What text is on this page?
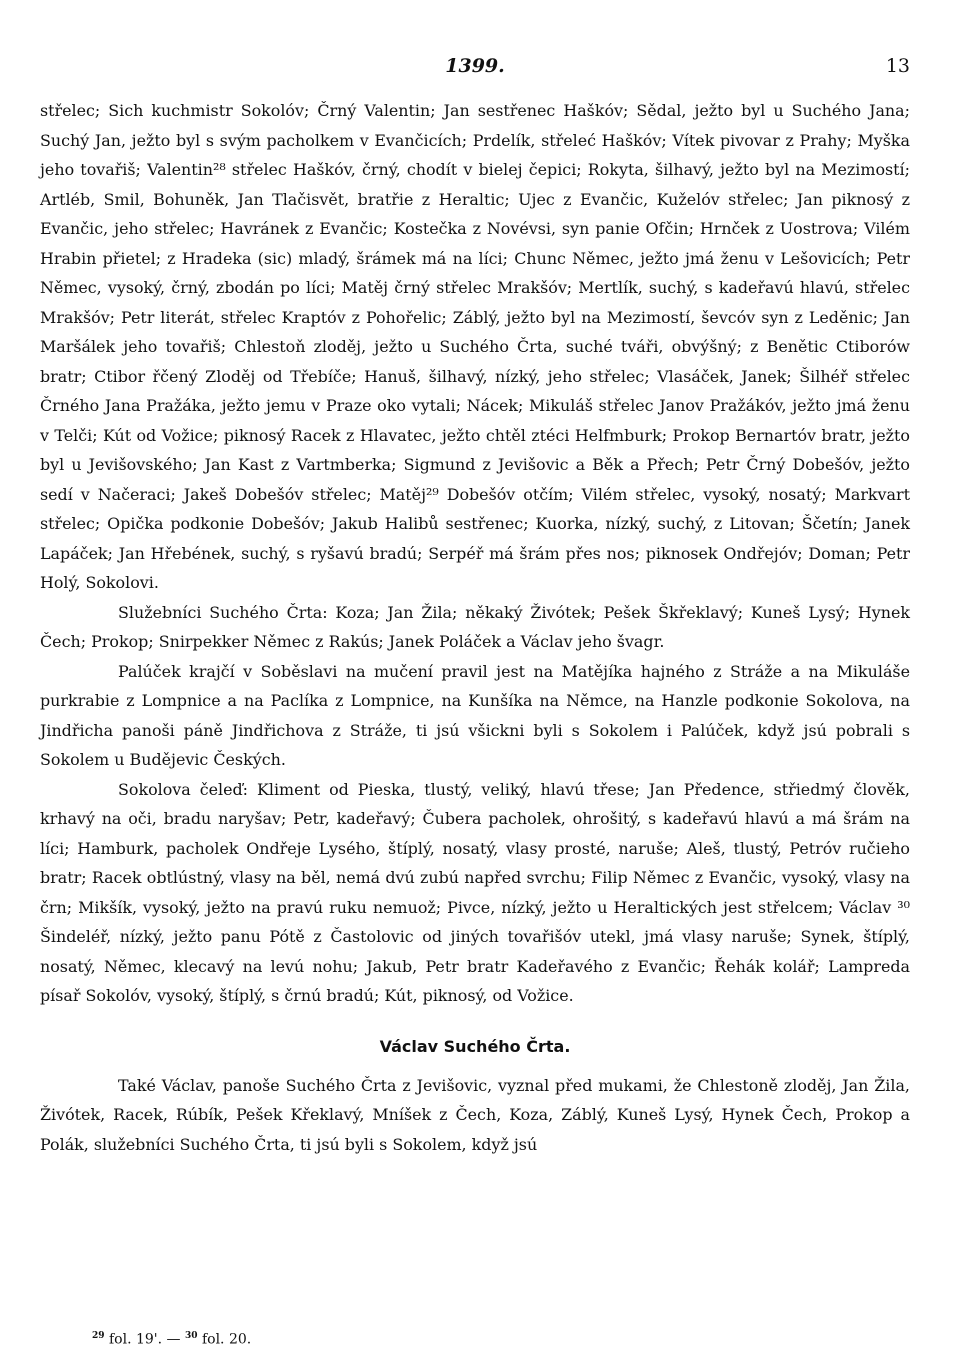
1399.	13

střelec; Sich kuchmistr Sokolóv; Črný Valentin; Jan sestřenec Haškóv; Sědal, ježto byl u Suchého Jana; Suchý Jan, ježto byl s svým pacholkem v Evančicích; Prdelík, střeleć Haškóv; Vítek pivovar z Prahy; Myška jeho tovařiš; Valentin²⁸ střelec Haškóv, črný, chodít v bielej čepici; Rokyta, šilhavý, ježto byl na Mezimostí; Artléb, Smil, Bohuněk, Jan Tlačisvět, bratřie z Heraltic; Ujec z Evančic, Kuželóv střelec; Jan piknosý z Evančic, jeho střelec; Havránek z Evančic; Kostečka z Novévsi, syn panie Ofčin; Hrnček z Uostrova; Vilém Hrabin přietel; z Hradeka (sic) mladý, šrámek má na líci; Chunc Němec, ježto jmá ženu v Lešovicích; Petr Němec, vysoký, črný, zbodán po líci; Matěj črný střelec Mrakšóv; Mertlík, suchý, s kadeřavú hlavú, střelec Mrakšóv; Petr literát, střelec Kraptóv z Pohořelic; Záblý, ježto byl na Mezimostí, ševcóv syn z Leděnic; Jan Maršálek jeho tovařiš; Chlestoň zloděj, ježto u Suchého Črta, suché tváři, obvýšný; z Benětic Ctiborów bratr; Ctibor řčený Zloděj od Třebíče; Hanuš, šilhavý, nízký, jeho střelec; Vlasáček, Janek; Šilhéř střelec Črného Jana Pražáka, ježto jemu v Praze oko vytali; Nácek; Mikuláš střelec Janov Pražákóv, ježto jmá ženu v Telči; Kút od Vožice; piknosý Racek z Hlavatec, ježto chtěl ztéci Helfmburk; Prokop Bernartóv bratr, ježto byl u Jevišovského; Jan Kast z Vartmberka; Sigmund z Jevišovic a Běk a Přech; Petr Črný Dobešóv, ježto sedí v Načeraci; Jakeš Dobešóv střelec; Matěj²⁹ Dobešóv otčím; Vilém střelec, vysoký, nosatý; Markvart střelec; Opička podkonie Dobešóv; Jakub Halibů sestřenec; Kuorka, nízký, suchý, z Litovan; Ščetín; Janek Lapáček; Jan Hřebének, suchý, s ryšavú bradú; Serpéř má šrám přes nos; piknosek Ondřejóv; Doman; Petr Holý, Sokolovi.

Služebníci Suchého Črta: Koza; Jan Žila; někaký Živótek; Pešek Škřeklavý; Kuneš Lysý; Hynek Čech; Prokop; Snirpekker Němec z Rakús; Janek Poláček a Václav jeho švagr.

Palúček krajčí v Soběslavi na mučení pravil jest na Matějíka hajného z Stráže a na Mikuláše purkrabie z Lompnice a na Paclíka z Lompnice, na Kunšíka na Němce, na Hanzle podkonie Sokolova, na Jindřicha panoši páně Jindřichova z Stráže, ti jsú všickni byli s Sokolem i Palúček, když jsú pobrali s Sokolem u Budějevic Českých.

Sokolova čeleď: Kliment od Pieska, tlustý, veliký, hlavú třese; Jan Předence, střiedmý člověk, krhavý na oči, bradu naryšav; Petr, kadeřavý; Čubera pacholek, ohrošitý, s kadeřavú hlavú a má šrám na líci; Hamburk, pacholek Ondřeje Lysého, štíplý, nosatý, vlasy prosté, naruše; Aleš, tlustý, Petróv ručieho bratr; Racek obtlústný, vlasy na běl, nemá dvú zubú napřed svrchu; Filip Němec z Evančic, vysoký, vlasy na črn; Mikšík, vysoký, ježto na pravú ruku nemuož; Pivce, nízký, ježto u Heraltických jest střelcem; Václav ³⁰ Šindeléř, nízký, ježto panu Pótě z Častolovic od jiných tovařišóv utekl, jmá vlasy naruše; Synek, štíplý, nosatý, Němec, klecavý na levú nohu; Jakub, Petr bratr Kadeřavého z Evančic; Řehák kolář; Lampreda písař Sokolóv, vysoký, štíplý, s črnú bradú; Kút, piknosý, od Vožice.

Václav Suchého Črta.

Také Václav, panoše Suchého Črta z Jevišovic, vyznal před mukami, že Chlestoně zloděj, Jan Žila, Živótek, Racek, Rúbík, Pešek Křeklavý, Mníšek z Čech, Koza, Záblý, Kuneš Lysý, Hynek Čech, Prokop a Polák, služebníci Suchého Črta, ti jsú byli s Sokolem, když jsú

$^{29}$ fol. 19'. — $^{30}$ fol. 20.
